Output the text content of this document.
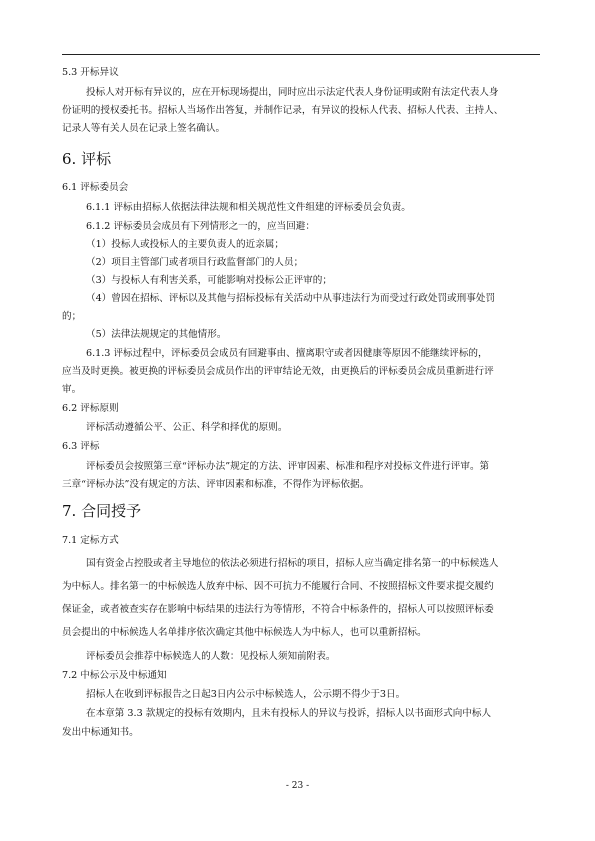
5.3 开标异议
投标人对开标有异议的，应在开标现场提出，同时应出示法定代表人身份证明或附有法定代表人身
份证明的授权委托书。招标人当场作出答复，并制作记录，有异议的投标人代表、招标人代表、主持人、
记录人等有关人员在记录上签名确认。
6. 评标
6.1 评标委员会
6.1.1 评标由招标人依据法律法规和相关规范性文件组建的评标委员会负责。
6.1.2 评标委员会成员有下列情形之一的，应当回避：
（1）投标人或投标人的主要负责人的近亲属；
（2）项目主管部门或者项目行政监督部门的人员；
（3）与投标人有利害关系，可能影响对投标公正评审的；
（4）曾因在招标、评标以及其他与招标投标有关活动中从事违法行为而受过行政处罚或刑事处罚
的；
（5）法律法规规定的其他情形。
6.1.3 评标过程中，评标委员会成员有回避事由、擅离职守或者因健康等原因不能继续评标的，
应当及时更换。被更换的评标委员会成员作出的评审结论无效，由更换后的评标委员会成员重新进行评
审。
6.2 评标原则
评标活动遵循公平、公正、科学和择优的原则。
6.3 评标
评标委员会按照第三章“评标办法”规定的方法、评审因素、标准和程序对投标文件进行评审。第
三章“评标办法”没有规定的方法、评审因素和标准，不得作为评标依据。
7. 合同授予
7.1 定标方式
国有资金占控股或者主导地位的依法必须进行招标的项目，招标人应当确定排名第一的中标候选人
为中标人。排名第一的中标候选人放弃中标、因不可抗力不能履行合同、不按照招标文件要求提交履约
保证金，或者被查实存在影响中标结果的违法行为等情形，不符合中标条件的，招标人可以按照评标委
员会提出的中标候选人名单排序依次确定其他中标候选人为中标人，也可以重新招标。
评标委员会推荐中标候选人的人数：见投标人须知前附表。
7.2 中标公示及中标通知
招标人在收到评标报告之日起3日内公示中标候选人，公示期不得少于3日。
在本章第 3.3 款规定的投标有效期内，且未有投标人的异议与投诉，招标人以书面形式向中标人
发出中标通知书。
- 23 -
